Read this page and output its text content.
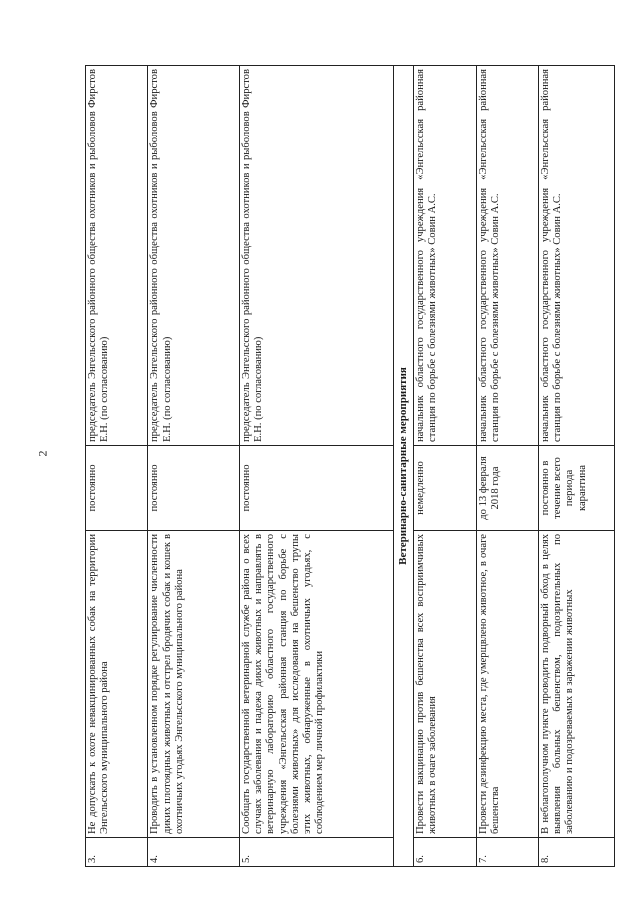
2
3.	Не допускать к охоте невакцинированных собак на территории Энгельсского муниципального района	постоянно	председатель Энгельсского районного общества охотников и рыболовов Фирстов Е.Н. (по согласованию)
4.	Проводить в установленном порядке регулирование численности диких плотоядных животных и отстрел бродячих собак и кошек в охотничьих угодьях Энгельсского муниципального района	постоянно	председатель Энгельсского районного общества охотников и рыболовов Фирстов Е.Н. (по согласованию)
5.	Сообщать государственной ветеринарной службе района о всех случаях заболевания и падежа диких животных и направлять в ветеринарную лабораторию областного государственного учреждения «Энгельсская районная станция по борьбе с болезнями животных» для исследования на бешенство трупы этих животных, обнаруженные в охотничьих угодьях, с соблюдением мер личной профилактики	постоянно	председатель Энгельсского районного общества охотников и рыболовов Фирстов Е.Н. (по согласованию)
Ветеринарно-санитарные мероприятия			
6.	Провести вакцинацию против бешенства всех восприимчивых животных в очаге заболевания	немедленно	начальник областного государственного учреждения «Энгельсская районная станция по борьбе с болезнями животных» Совин А.С.
7.	Провести дезинфекцию места, где умерщвлено животное, в очаге бешенства	до 13 февраля 2018 года	начальник областного государственного учреждения «Энгельсская районная станция по борьбе с болезнями животных» Совин А.С.
8.	В неблагополучном пункте проводить подворный обход в целях выявления больных бешенством, подозрительных по заболеванию и подозреваемых в заражении животных	постоянно в течение всего периода карантина	начальник областного государственного учреждения «Энгельсская районная станция по борьбе с болезнями животных» Совин А.С.
